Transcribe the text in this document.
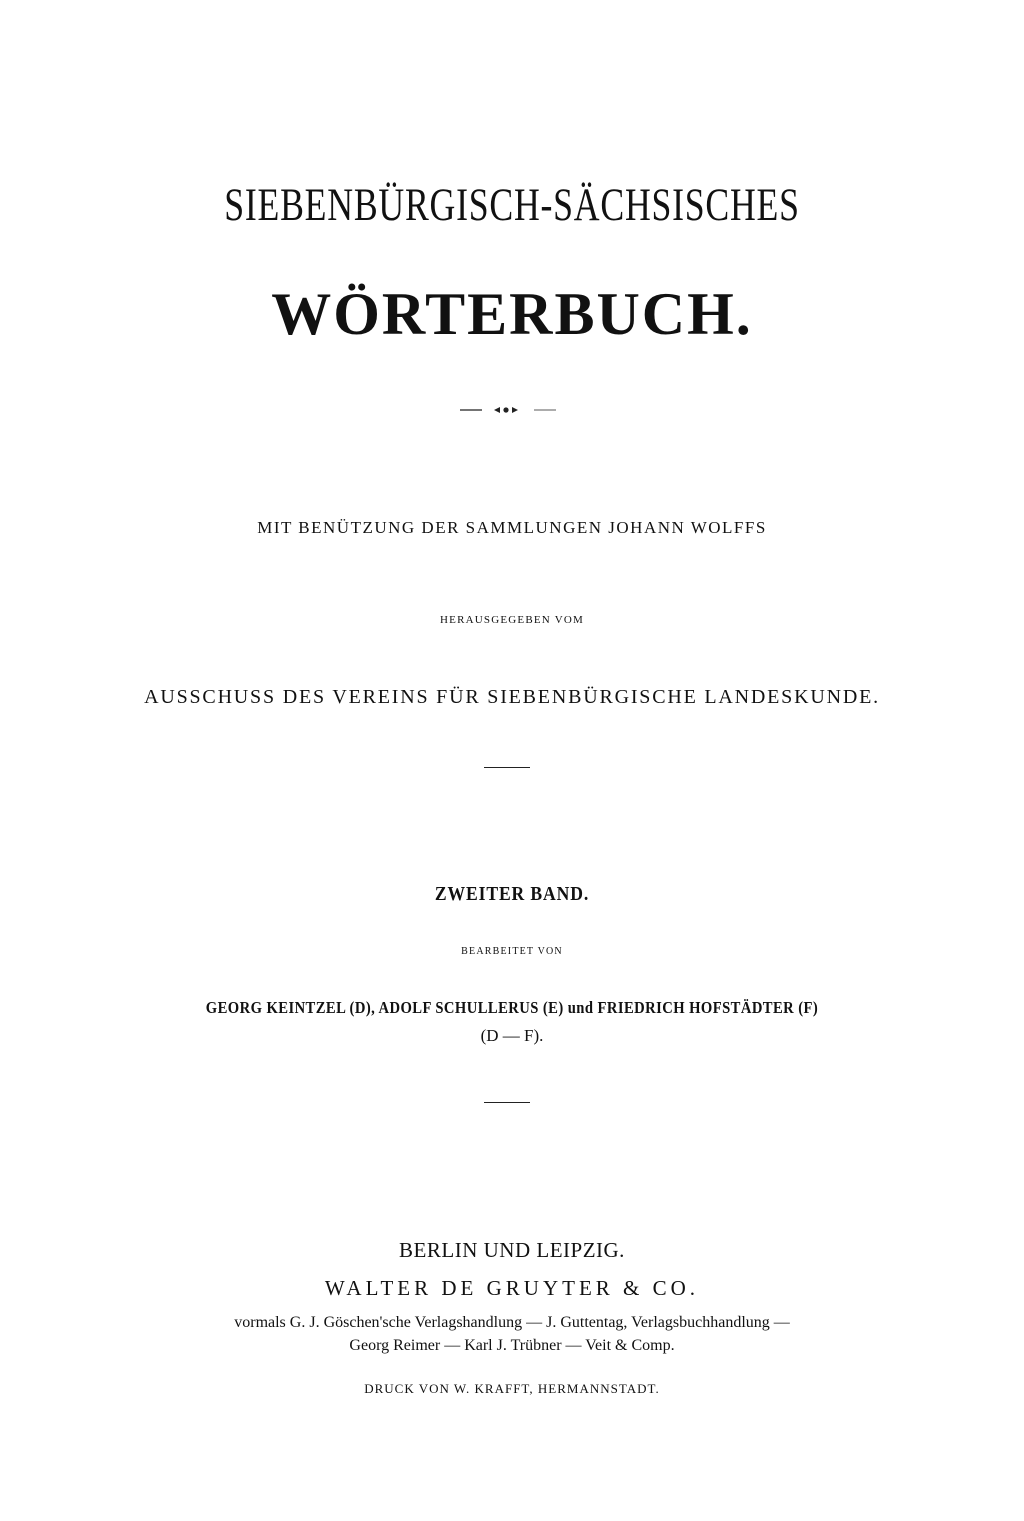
SIEBENBÜRGISCH-SÄCHSISCHES
WÖRTERBUCH.
MIT BENÜTZUNG DER SAMMLUNGEN JOHANN WOLFFS
HERAUSGEGEBEN VOM
AUSSCHUSS DES VEREINS FÜR SIEBENBÜRGISCHE LANDESKUNDE.
ZWEITER BAND.
BEARBEITET VON
GEORG KEINTZEL (D), ADOLF SCHULLERUS (E) und FRIEDRICH HOFSTÄDTER (F)
(D — F).
BERLIN UND LEIPZIG.
WALTER DE GRUYTER & CO.
vormals G. J. Göschen'sche Verlagshandlung — J. Guttentag, Verlagsbuchhandlung —
Georg Reimer — Karl J. Trübner — Veit & Comp.
DRUCK VON W. KRAFFT, HERMANNSTADT.
